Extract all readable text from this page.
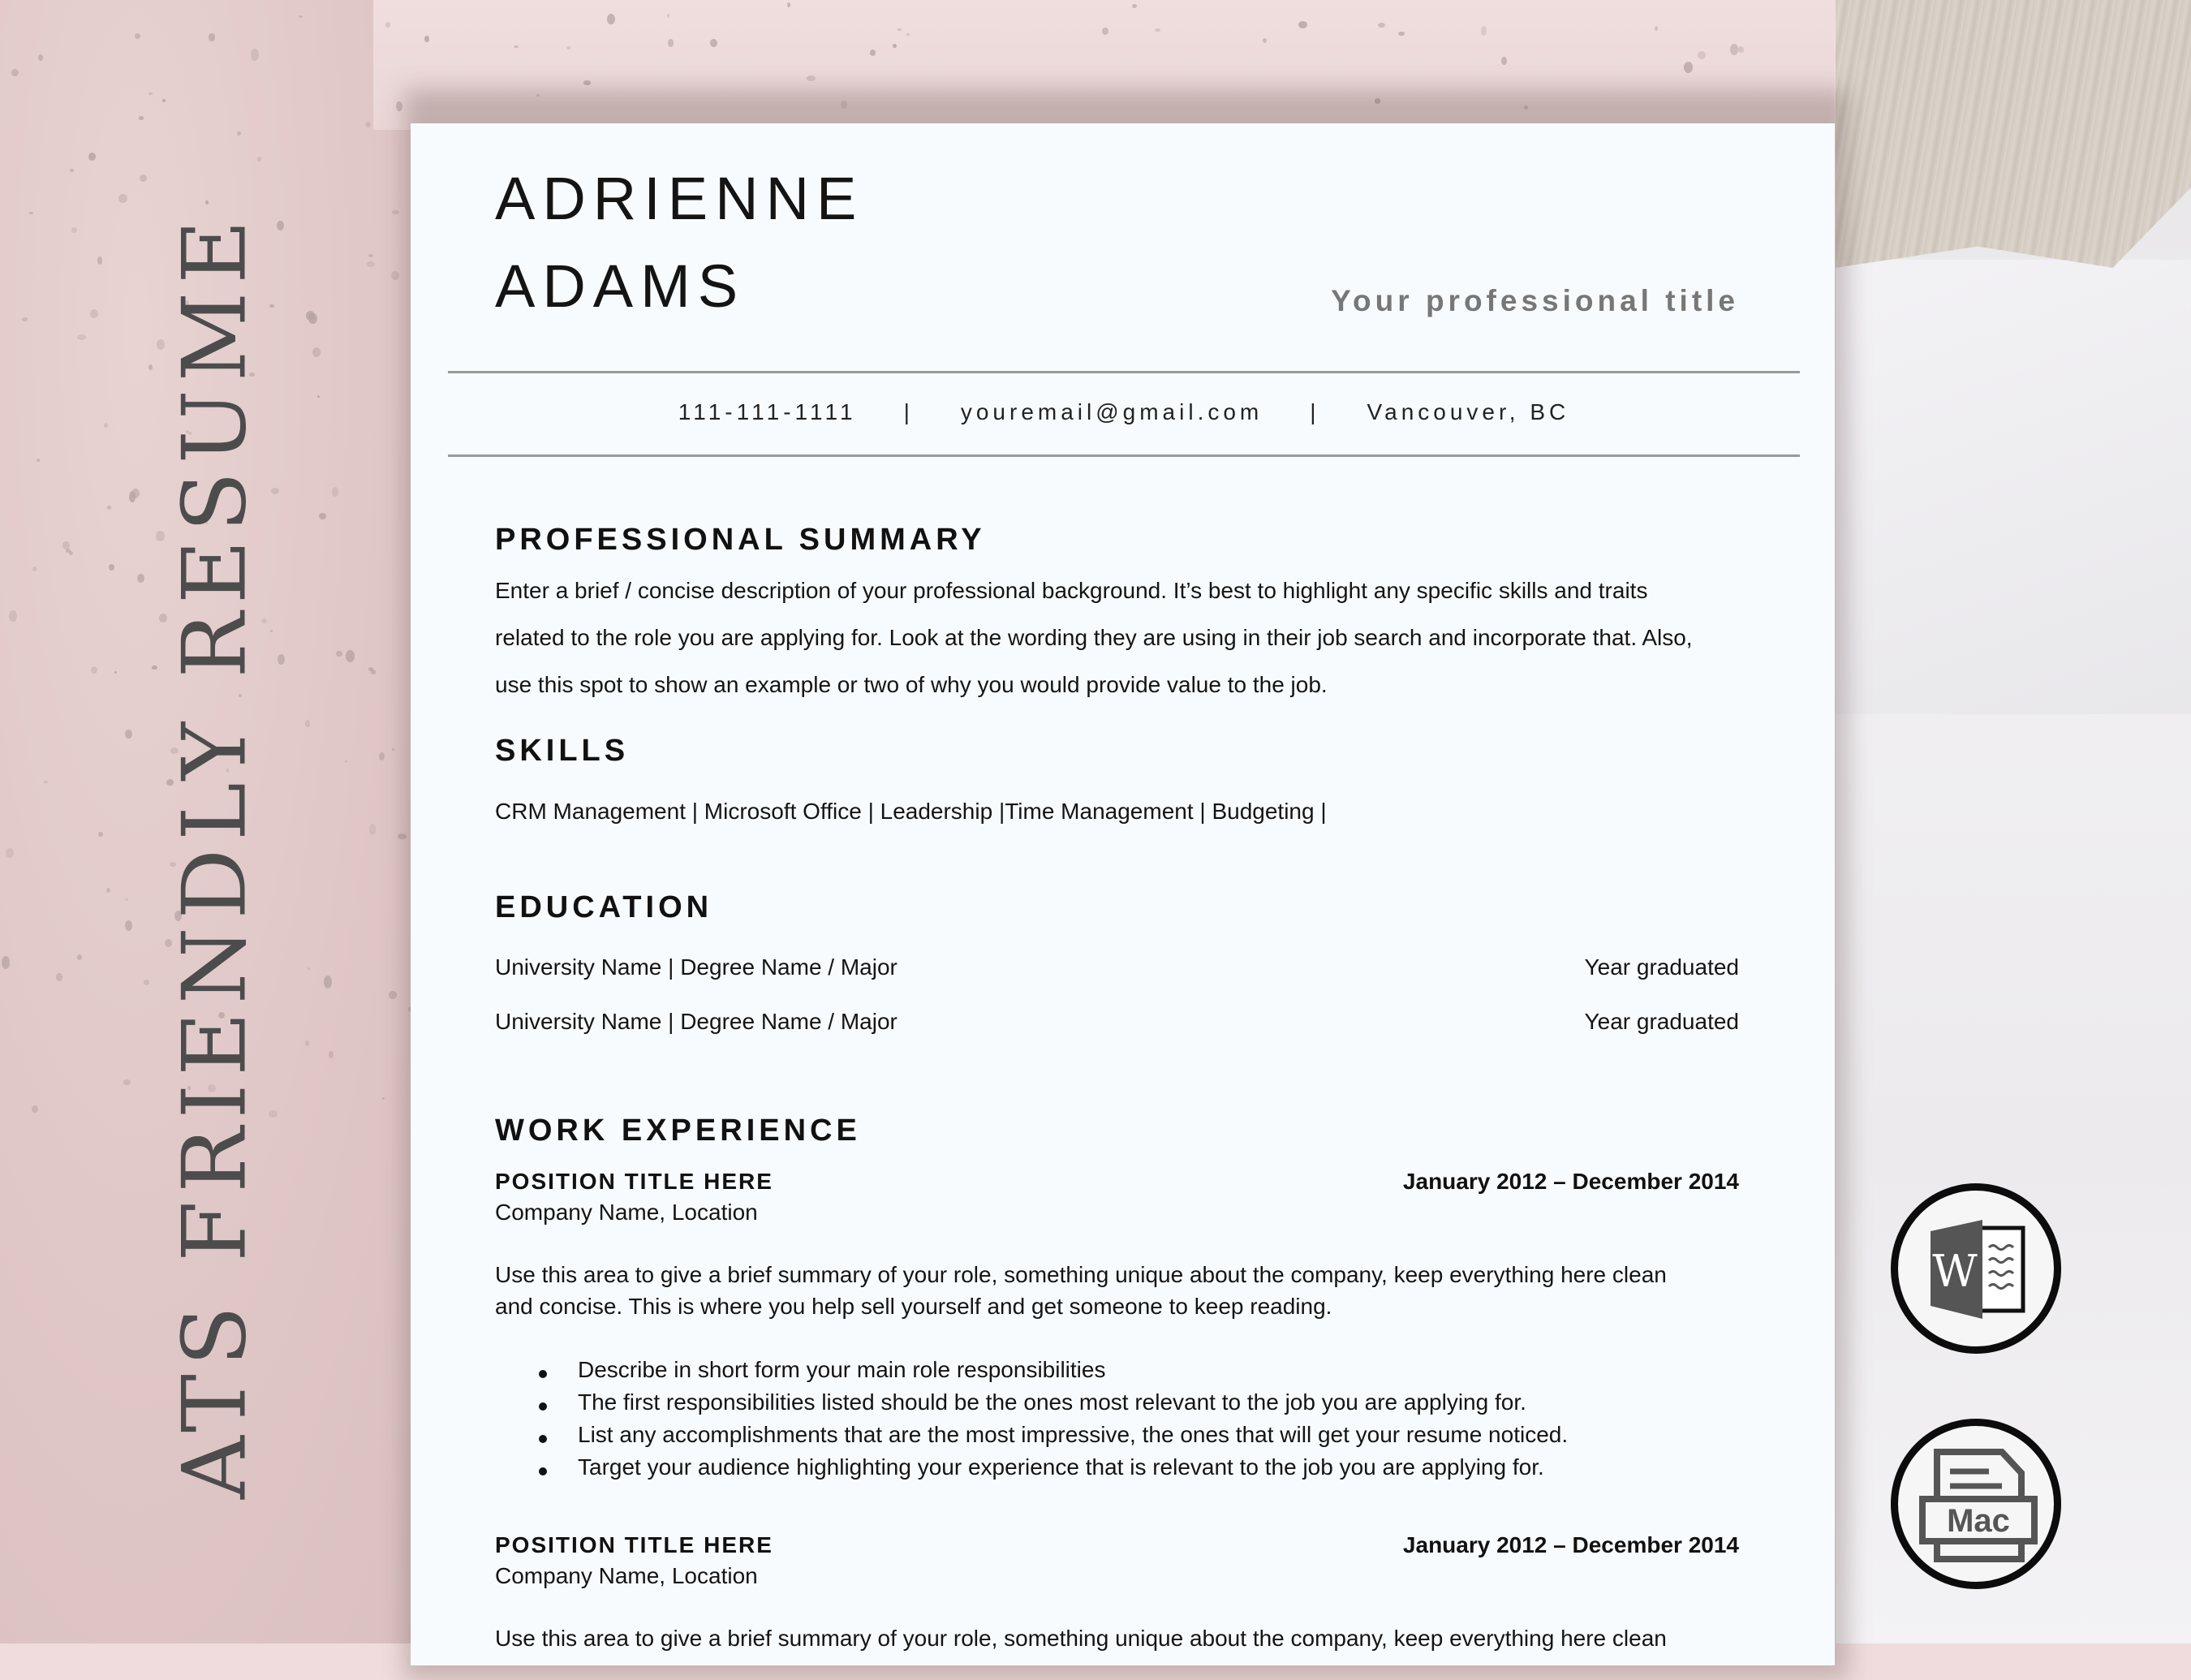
ATS FRIENDLY RESUME
ADRIENNE
ADAMS	Your professional title
111-111-1111 | youremail@gmail.com | Vancouver, BC
PROFESSIONAL SUMMARY
Enter a brief / concise description of your professional background. It’s best to highlight any specific skills and traits
related to the role you are applying for. Look at the wording they are using in their job search and incorporate that. Also,
use this spot to show an example or two of why you would provide value to the job.
SKILLS
CRM Management | Microsoft Office | Leadership |Time Management | Budgeting |
EDUCATION
University Name | Degree Name / Major	Year graduated
University Name | Degree Name / Major	Year graduated
WORK EXPERIENCE
POSITION TITLE HERE	January 2012 – December 2014
Company Name, Location
Use this area to give a brief summary of your role, something unique about the company, keep everything here clean
and concise. This is where you help sell yourself and get someone to keep reading.
Describe in short form your main role responsibilities
The first responsibilities listed should be the ones most relevant to the job you are applying for.
List any accomplishments that are the most impressive, the ones that will get your resume noticed.
Target your audience highlighting your experience that is relevant to the job you are applying for.
POSITION TITLE HERE	January 2012 – December 2014
Company Name, Location
Use this area to give a brief summary of your role, something unique about the company, keep everything here clean
W
Mac
